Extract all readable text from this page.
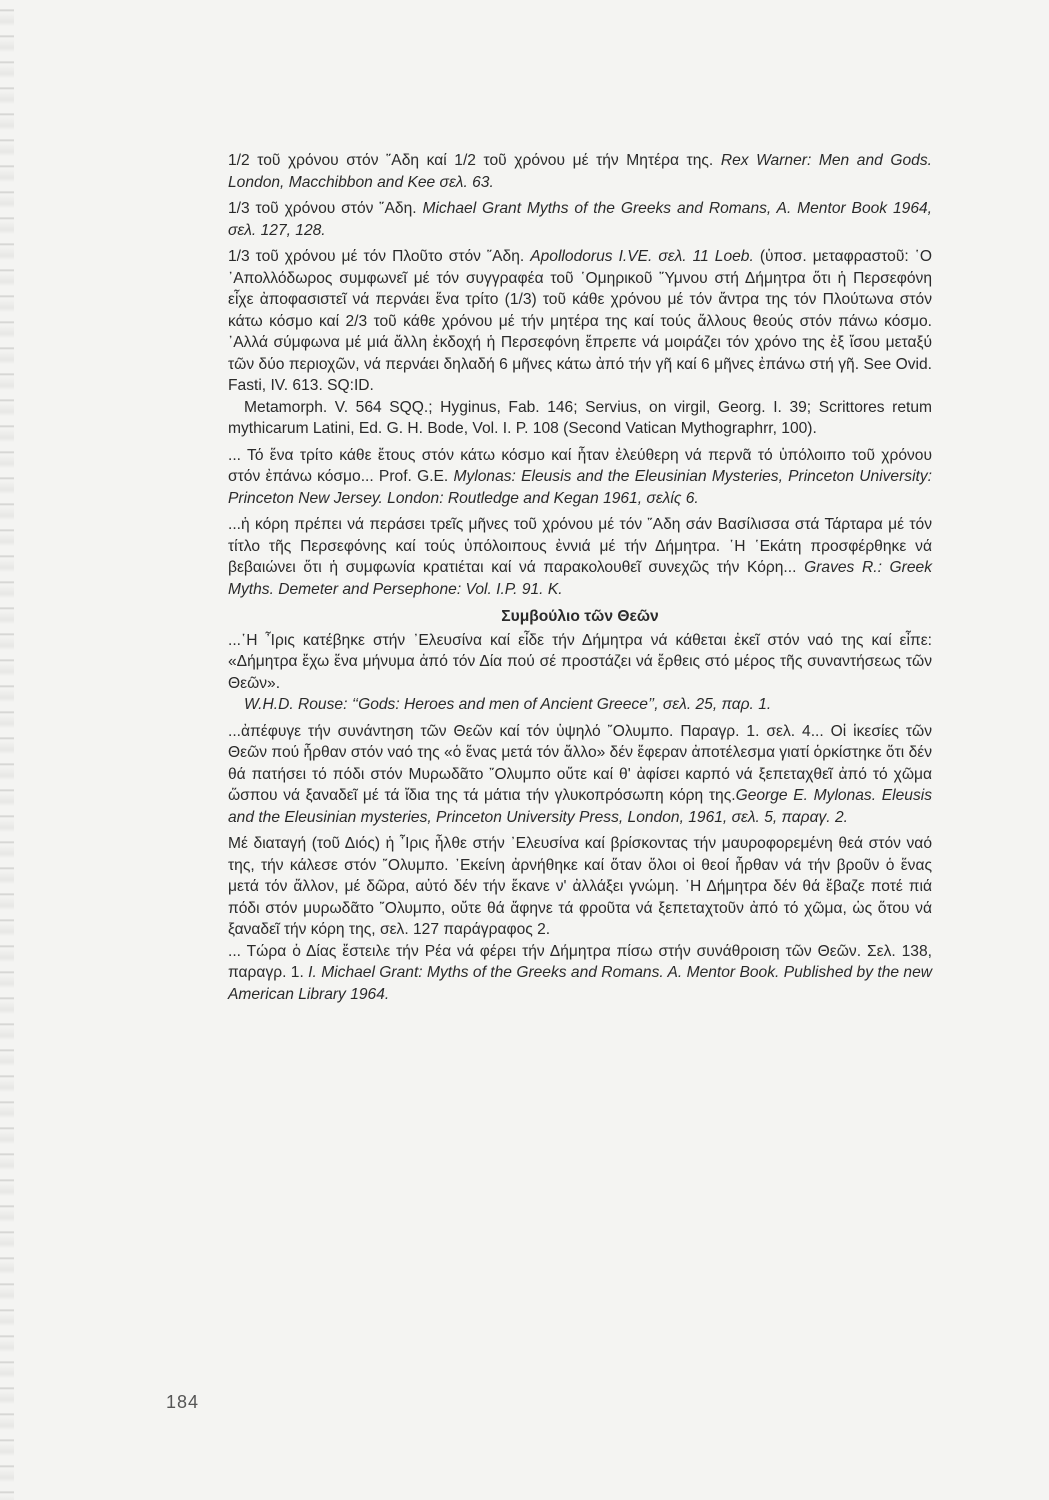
1/2 τοῦ χρόνου στόν ῞Αδη καί 1/2 τοῦ χρόνου μέ τήν Μητέρα της. Rex Warner: Men and Gods. London, Macchibbon and Kee σελ. 63.

1/3 τοῦ χρόνου στόν ῞Αδη. Michael Grant Myths of the Greeks and Romans, A. Mentor Book 1964, σελ. 127, 128.

1/3 τοῦ χρόνου μέ τόν Πλοῦτο στόν ῞Αδη. Apollodorus I.VE. σελ. 11 Loeb. (ὑποσ. μεταφραστοῦ: ῾Ο ᾿Απολλόδωρος συμφωνεῖ μέ τόν συγγραφέα τοῦ ῾Ομηρικοῦ ῞Υμνου στή Δήμητρα ὅτι ἡ Περσεφόνη εἶχε ἀποφασιστεῖ νά περνάει ἕνα τρίτο (1/3) τοῦ κάθε χρόνου μέ τόν ἄντρα της τόν Πλούτωνα στόν κάτω κόσμο καί 2/3 τοῦ κάθε χρόνου μέ τήν μητέρα της καί τούς ἄλλους θεούς στόν πάνω κόσμο. ᾿Αλλά σύμφωνα μέ μιά ἄλλη ἐκδοχή ἡ Περσεφόνη ἔπρεπε νά μοιράζει τόν χρόνο της ἐξ ἴσου μεταξύ τῶν δύο περιοχῶν, νά περνάει δηλαδή 6 μῆνες κάτω ἀπό τήν γῆ καί 6 μῆνες ἐπάνω στή γῆ. See Ovid. Fasti, IV. 613. SQ:ID.

Metamorph. V. 564 SQQ.; Hyginus, Fab. 146; Servius, on virgil, Georg. I. 39; Scrittores retum mythicarum Latini, Ed. G. H. Bode, Vol. I. P. 108 (Second Vatican Mythographrr, 100).

... Τό ἕνα τρίτο κάθε ἔτους στόν κάτω κόσμο καί ἦταν ἐλεύθερη νά περνᾶ τό ὑπόλοιπο τοῦ χρόνου στόν ἐπάνω κόσμο... Prof. G.E. Mylonas: Eleusis and the Eleusinian Mysteries, Princeton University: Princeton New Jersey. London: Routledge and Kegan 1961, σελίς 6.

...ἡ κόρη πρέπει νά περάσει τρεῖς μῆνες τοῦ χρόνου μέ τόν ῞Αδη σάν Βασίλισσα στά Τάρταρα μέ τόν τίτλο τῆς Περσεφόνης καί τούς ὑπόλοιπους ἐννιά μέ τήν Δήμητρα. ῾Η ῾Εκάτη προσφέρθηκε νά βεβαιώνει ὅτι ἡ συμφωνία κρατιέται καί νά παρακολουθεῖ συνεχῶς τήν Κόρη... Graves R.: Greek Myths. Demeter and Persephone: Vol. I.P. 91. K.

Συμβούλιο τῶν Θεῶν

...῾Η ῏Ιρις κατέβηκε στήν ᾿Ελευσίνα καί εἶδε τήν Δήμητρα νά κάθεται ἐκεῖ στόν ναό της καί εἶπε: «Δήμητρα ἔχω ἕνα μήνυμα ἀπό τόν Δία πού σέ προστάζει νά ἔρθεις στό μέρος τῆς συναντήσεως τῶν Θεῶν».

W.H.D. Rouse: ‘‘Gods: Heroes and men of Ancient Greece’’, σελ. 25, παρ. 1.

...ἀπέφυγε τήν συνάντηση τῶν Θεῶν καί τόν ὑψηλό ῎Ολυμπο. Παραγρ. 1. σελ. 4... Οἱ ἱκεσίες τῶν Θεῶν πού ἦρθαν στόν ναό της «ὁ ἕνας μετά τόν ἄλλο» δέν ἔφεραν ἀποτέλεσμα γιατί ὁρκίστηκε ὅτι δέν θά πατήσει τό πόδι στόν Μυρωδᾶτο ῎Ολυμπο οὔτε καί θ' ἀφίσει καρπό νά ξεπεταχθεῖ ἀπό τό χῶμα ὥσπου νά ξαναδεῖ μέ τά ἴδια της τά μάτια τήν γλυκοπρόσωπη κόρη της.George E. Mylonas. Eleusis and the Eleusinian mysteries, Princeton University Press, London, 1961, σελ. 5, παραγ. 2.

Μέ διαταγή (τοῦ Διός) ἡ ῏Ιρις ἦλθε στήν ᾿Ελευσίνα καί βρίσκοντας τήν μαυροφορεμένη θεά στόν ναό της, τήν κάλεσε στόν ῎Ολυμπο. ᾿Εκείνη ἀρνήθηκε καί ὅταν ὅλοι οἱ θεοί ἦρθαν νά τήν βροῦν ὁ ἕνας μετά τόν ἄλλον, μέ δῶρα, αὐτό δέν τήν ἔκανε ν' ἀλλάξει γνώμη. ῾Η Δήμητρα δέν θά ἔβαζε ποτέ πιά πόδι στόν μυρωδᾶτο ῎Ολυμπο, οὔτε θά ἄφηνε τά φροῦτα νά ξεπεταχτοῦν ἀπό τό χῶμα, ὡς ὅτου νά ξαναδεῖ τήν κόρη της, σελ. 127 παράγραφος 2.

... Τώρα ὁ Δίας ἔστειλε τήν Ρέα νά φέρει τήν Δήμητρα πίσω στήν συνάθροιση τῶν Θεῶν. Σελ. 138, παραγρ. 1. I. Michael Grant: Myths of the Greeks and Romans. A. Mentor Book. Published by the new American Library 1964.

184
